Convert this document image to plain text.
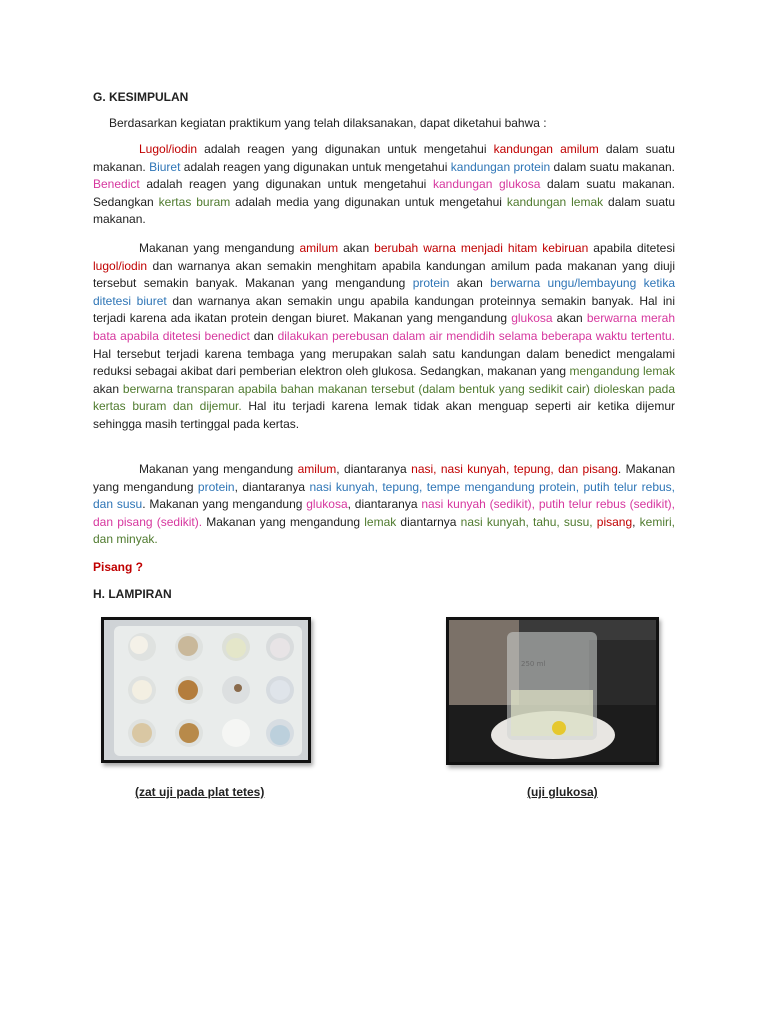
G. KESIMPULAN

Berdasarkan kegiatan praktikum yang telah dilaksanakan, dapat diketahui bahwa :

Lugol/iodin adalah reagen yang digunakan untuk mengetahui kandungan amilum dalam suatu makanan. Biuret adalah reagen yang digunakan untuk mengetahui kandungan protein dalam suatu makanan. Benedict adalah reagen yang digunakan untuk mengetahui kandungan glukosa dalam suatu makanan. Sedangkan kertas buram adalah media yang digunakan untuk mengetahui kandungan lemak dalam suatu makanan.

Makanan yang mengandung amilum akan berubah warna menjadi hitam kebiruan apabila ditetesi lugol/iodin dan warnanya akan semakin menghitam apabila kandungan amilum pada makanan yang diuji tersebut semakin banyak. Makanan yang mengandung protein akan berwarna ungu/lembayung ketika ditetesi biuret dan warnanya akan semakin ungu apabila kandungan proteinnya semakin banyak. Hal ini terjadi karena ada ikatan protein dengan biuret. Makanan yang mengandung glukosa akan berwarna merah bata apabila ditetesi benedict dan dilakukan perebusan dalam air mendidih selama beberapa waktu tertentu. Hal tersebut terjadi karena tembaga yang merupakan salah satu kandungan dalam benedict mengalami reduksi sebagai akibat dari pemberian elektron oleh glukosa. Sedangkan, makanan yang mengandung lemak akan berwarna transparan apabila bahan makanan tersebut (dalam bentuk yang sedikit cair) dioleskan pada kertas buram dan dijemur. Hal itu terjadi karena lemak tidak akan menguap seperti air ketika dijemur sehingga masih tertinggal pada kertas.

Makanan yang mengandung amilum, diantaranya nasi, nasi kunyah, tepung, dan pisang. Makanan yang mengandung protein, diantaranya nasi kunyah, tepung, tempe mengandung protein, putih telur rebus, dan susu. Makanan yang mengandung glukosa, diantaranya nasi kunyah (sedikit), putih telur rebus (sedikit), dan pisang (sedikit). Makanan yang mengandung lemak diantarnya nasi kunyah, tahu, susu, pisang, kemiri, dan minyak.

Pisang ?

H. LAMPIRAN

250 ml

(zat uji pada plat tetes)	(uji glukosa)
